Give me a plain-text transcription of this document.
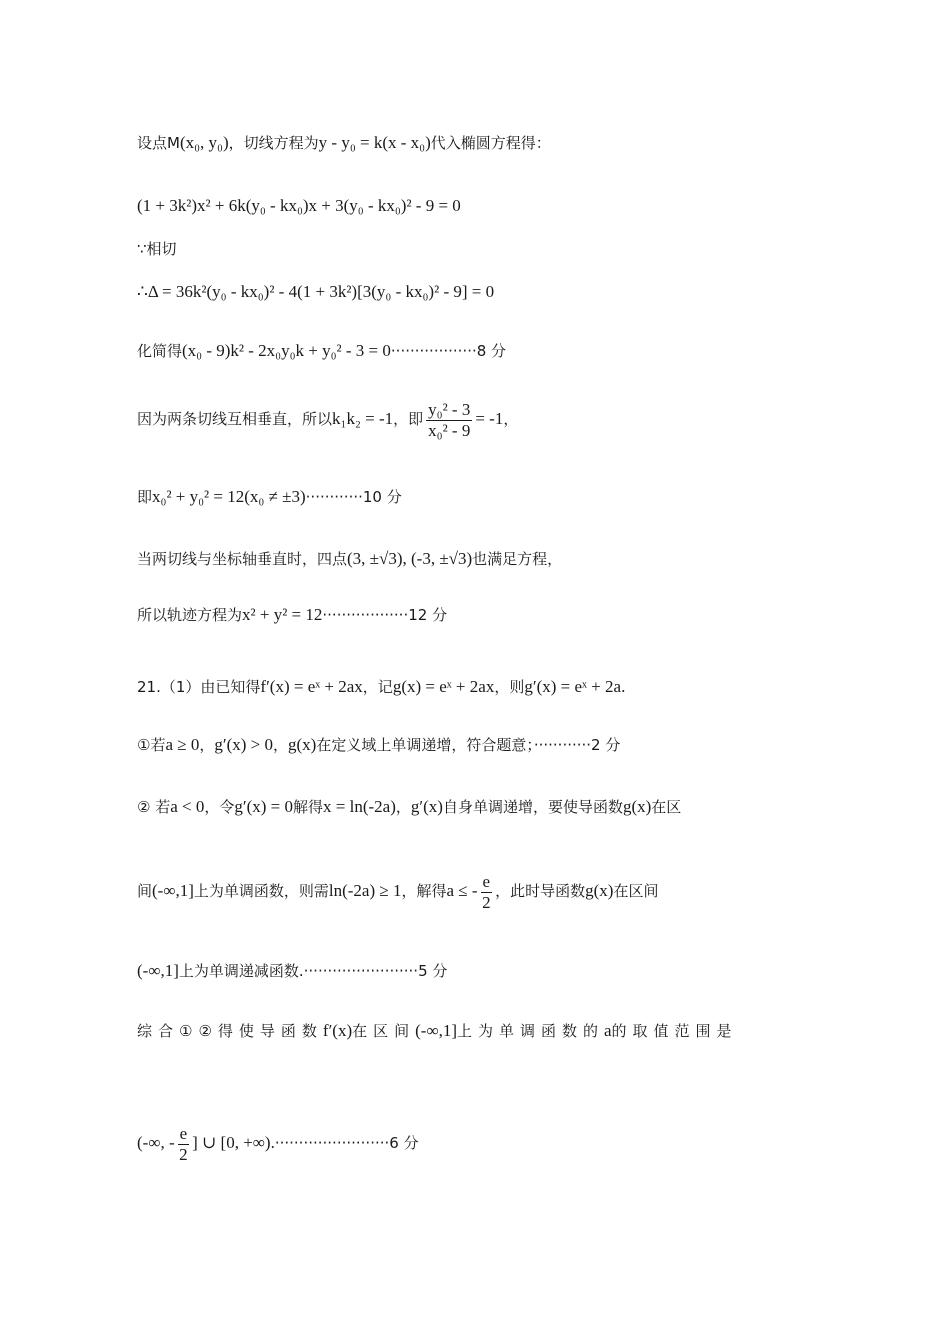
设点M(x₀, y₀)，切线方程为y - y₀ = k(x - x₀)代入椭圆方程得：
(1 + 3k²)x² + 6k(y₀ - kx₀)x + 3(y₀ - kx₀)² - 9 = 0
∵相切
∴Δ = 36k²(y₀ - kx₀)² - 4(1 + 3k²)[3(y₀ - kx₀)² - 9] = 0
化简得(x₀ - 9)k² - 2x₀y₀k + y₀² - 3 = 0··················8 分
因为两条切线互相垂直，所以k₁k₂ = -1，即 $\frac{\text{y₀² - 3}}{\text{x₀² - 9}} = -1$，
即x₀² + y₀² = 12(x₀ ≠ ±3)············10 分
当两切线与坐标轴垂直时，四点(3, ±√3), (-3, ±√3)也满足方程，
所以轨迹方程为x² + y² = 12··················12 分
21.（1）由已知得f′(x) = eˣ + 2ax，记g(x) = eˣ + 2ax，则g′(x) = eˣ + 2a.
①若a ≥ 0，g′(x) > 0，g(x)在定义域上单调递增，符合题意；············2 分
② 若a < 0，令g′(x) = 0解得x = ln(-2a)，g′(x)自身单调递增，要使导函数g(x)在区
间(-∞,1]上为单调函数，则需ln(-2a) ≥ 1，解得a ≤ - $\frac{e}{2}$ ，此时导函数g(x)在区间
(-∞,1]上为单调递减函数.························5 分
综合①②得使导函数f′(x)在区间(-∞,1]上为单调函数的a的取值范围是
(-∞, - $\frac{e}{2}$ ] ∪ [0, +∞).························6 分
